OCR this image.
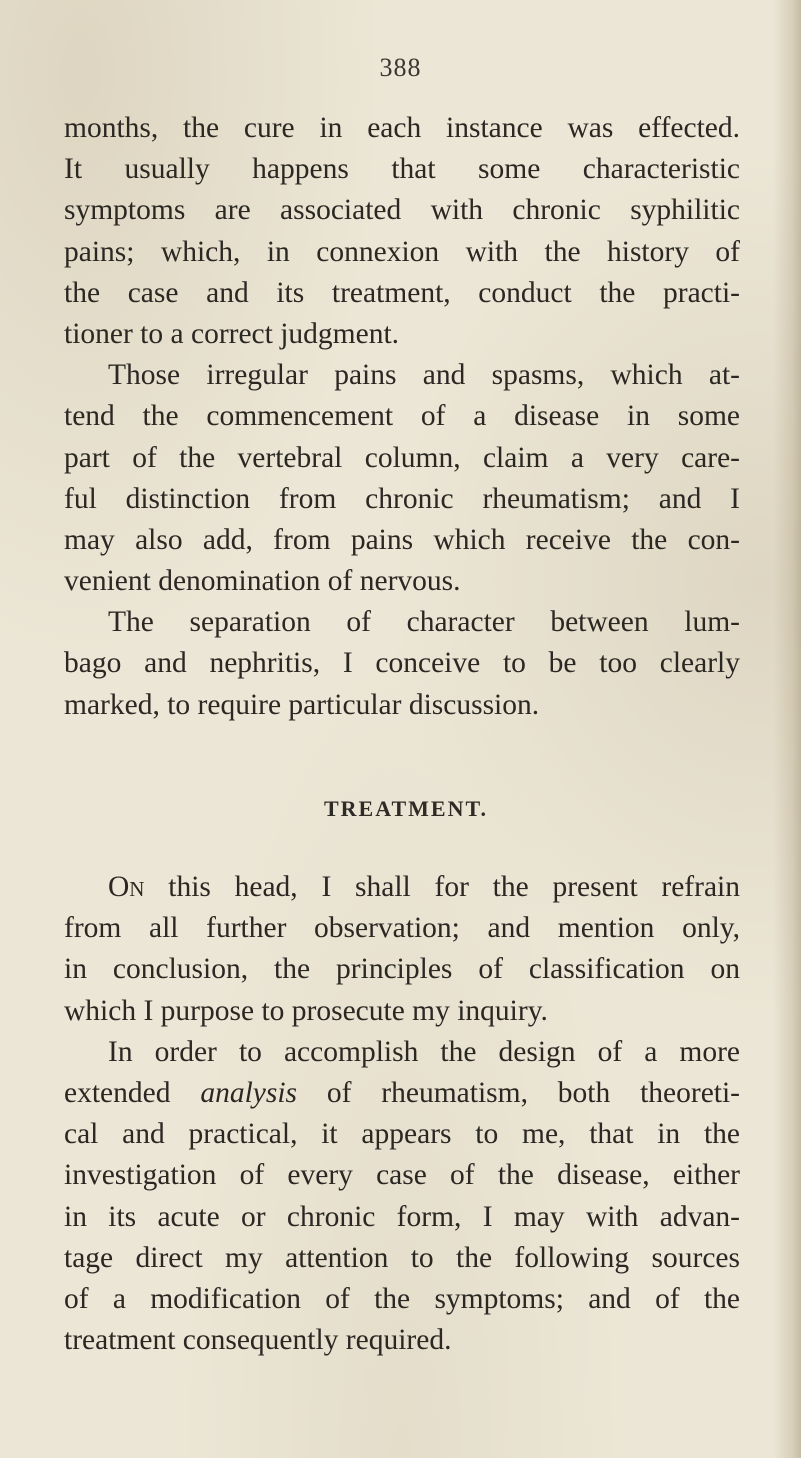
388
months, the cure in each instance was effected.
It usually happens that some characteristic
symptoms are associated with chronic syphilitic
pains; which, in connexion with the history of
the case and its treatment, conduct the practi-
tioner to a correct judgment.
Those irregular pains and spasms, which at-
tend the commencement of a disease in some
part of the vertebral column, claim a very care-
ful distinction from chronic rheumatism; and I
may also add, from pains which receive the con-
venient denomination of nervous.
The separation of character between lum-
bago and nephritis, I conceive to be too clearly
marked, to require particular discussion.
TREATMENT.
On this head, I shall for the present refrain
from all further observation; and mention only,
in conclusion, the principles of classification on
which I purpose to prosecute my inquiry.
In order to accomplish the design of a more
extended analysis of rheumatism, both theoreti-
cal and practical, it appears to me, that in the
investigation of every case of the disease, either
in its acute or chronic form, I may with advan-
tage direct my attention to the following sources
of a modification of the symptoms; and of the
treatment consequently required.
